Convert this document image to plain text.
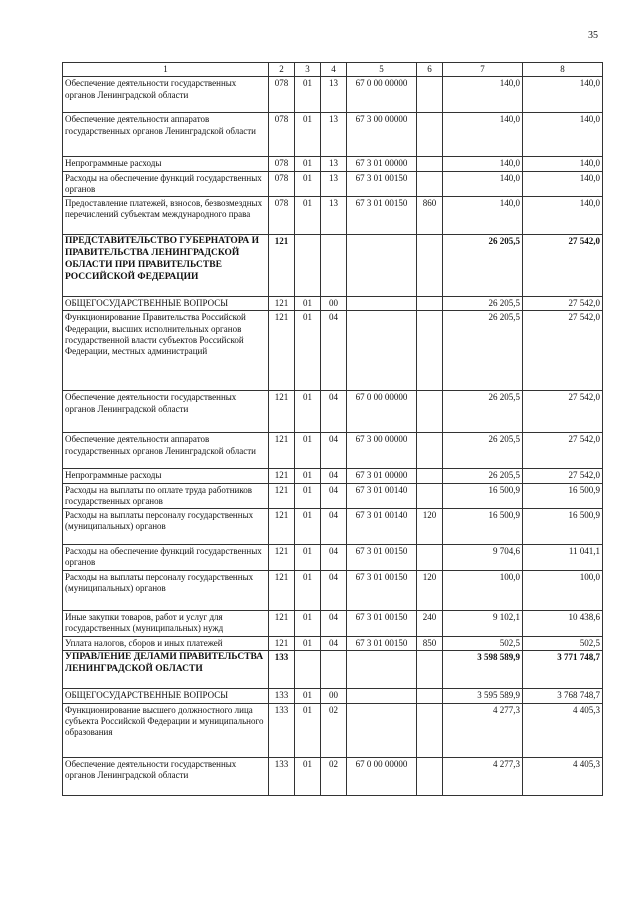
35
1	2	3	4	5	6	7	8
Обеспечение деятельности государственных органов Ленинградской области	078	01	13	67 0 00 00000		140,0	140,0
Обеспечение деятельности аппаратов государственных органов Ленинградской области	078	01	13	67 3 00 00000		140,0	140,0
Непрограммные расходы	078	01	13	67 3 01 00000		140,0	140,0
Расходы на обеспечение функций государственных органов	078	01	13	67 3 01 00150		140,0	140,0
Предоставление платежей, взносов, безвозмездных перечислений субъектам международного права	078	01	13	67 3 01 00150	860	140,0	140,0
ПРЕДСТАВИТЕЛЬСТВО ГУБЕРНАТОРА И ПРАВИТЕЛЬСТВА ЛЕНИНГРАДСКОЙ ОБЛАСТИ ПРИ ПРАВИТЕЛЬСТВЕ РОССИЙСКОЙ ФЕДЕРАЦИИ	121					26 205,5	27 542,0
ОБЩЕГОСУДАРСТВЕННЫЕ ВОПРОСЫ	121	01	00			26 205,5	27 542,0
Функционирование Правительства Российской Федерации, высших исполнительных органов государственной власти субъектов Российской Федерации, местных администраций	121	01	04			26 205,5	27 542,0
Обеспечение деятельности государственных органов Ленинградской области	121	01	04	67 0 00 00000		26 205,5	27 542,0
Обеспечение деятельности аппаратов государственных органов Ленинградской области	121	01	04	67 3 00 00000		26 205,5	27 542,0
Непрограммные расходы	121	01	04	67 3 01 00000		26 205,5	27 542,0
Расходы на выплаты по оплате труда работников государственных органов	121	01	04	67 3 01 00140		16 500,9	16 500,9
Расходы на выплаты персоналу государственных (муниципальных) органов	121	01	04	67 3 01 00140	120	16 500,9	16 500,9
Расходы на обеспечение функций государственных органов	121	01	04	67 3 01 00150		9 704,6	11 041,1
Расходы на выплаты персоналу государственных (муниципальных) органов	121	01	04	67 3 01 00150	120	100,0	100,0
Иные закупки товаров, работ и услуг для государственных (муниципальных) нужд	121	01	04	67 3 01 00150	240	9 102,1	10 438,6
Уплата налогов, сборов и иных платежей	121	01	04	67 3 01 00150	850	502,5	502,5
УПРАВЛЕНИЕ ДЕЛАМИ ПРАВИТЕЛЬСТВА ЛЕНИНГРАДСКОЙ ОБЛАСТИ	133					3 598 589,9	3 771 748,7
ОБЩЕГОСУДАРСТВЕННЫЕ ВОПРОСЫ	133	01	00			3 595 589,9	3 768 748,7
Функционирование высшего должностного лица субъекта Российской Федерации и муниципального образования	133	01	02			4 277,3	4 405,3
Обеспечение деятельности государственных органов Ленинградской области	133	01	02	67 0 00 00000		4 277,3	4 405,3
